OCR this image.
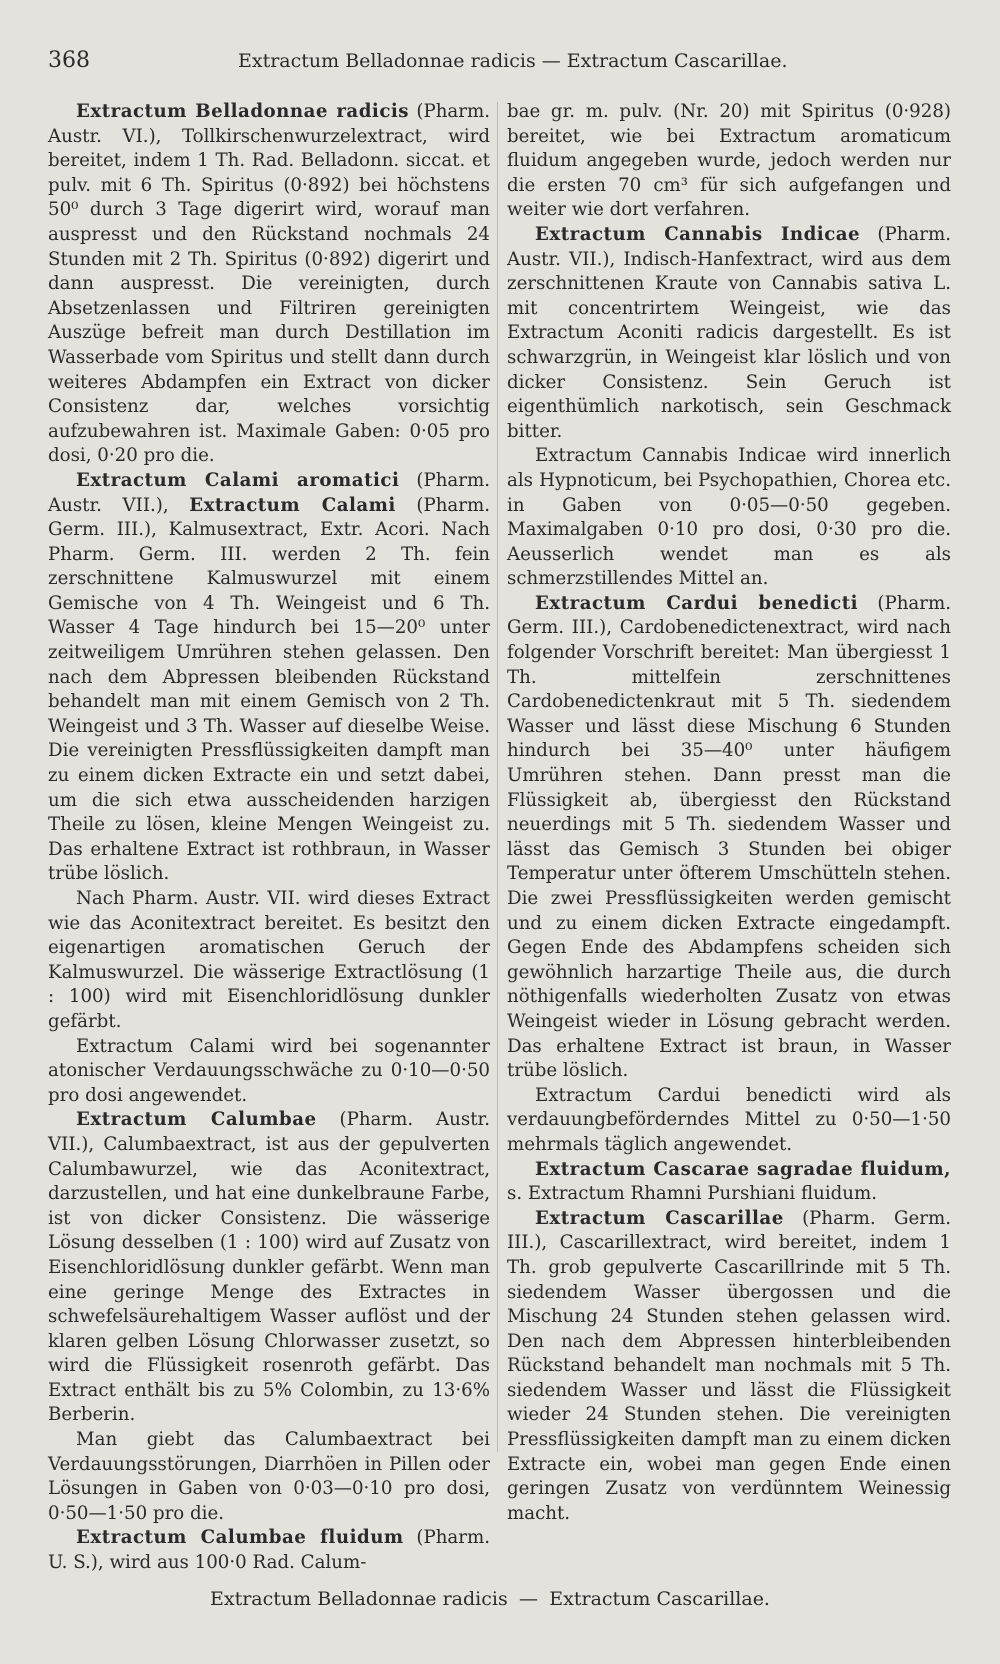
368	Extractum Belladonnae radicis — Extractum Cascarillae.

Extractum Belladonnae radicis (Pharm. Austr. VI.), Tollkirschenwurzelextract, wird bereitet, indem 1 Th. Rad. Belladonn. siccat. et pulv. mit 6 Th. Spiritus (0·892) bei höchstens 50⁰ durch 3 Tage digerirt wird, worauf man auspresst und den Rückstand nochmals 24 Stunden mit 2 Th. Spiritus (0·892) digerirt und dann auspresst. Die vereinigten, durch Absetzenlassen und Filtriren gereinigten Auszüge befreit man durch Destillation im Wasserbade vom Spiritus und stellt dann durch weiteres Abdampfen ein Extract von dicker Consistenz dar, welches vorsichtig aufzubewahren ist. Maximale Gaben: 0·05 pro dosi, 0·20 pro die.

Extractum Calami aromatici (Pharm. Austr. VII.), Extractum Calami (Pharm. Germ. III.), Kalmusextract, Extr. Acori. Nach Pharm. Germ. III. werden 2 Th. fein zerschnittene Kalmuswurzel mit einem Gemische von 4 Th. Weingeist und 6 Th. Wasser 4 Tage hindurch bei 15—20⁰ unter zeitweiligem Umrühren stehen gelassen. Den nach dem Abpressen bleibenden Rückstand behandelt man mit einem Gemisch von 2 Th. Weingeist und 3 Th. Wasser auf dieselbe Weise. Die vereinigten Pressflüssigkeiten dampft man zu einem dicken Extracte ein und setzt dabei, um die sich etwa ausscheidenden harzigen Theile zu lösen, kleine Mengen Weingeist zu. Das erhaltene Extract ist rothbraun, in Wasser trübe löslich.

Nach Pharm. Austr. VII. wird dieses Extract wie das Aconitextract bereitet. Es besitzt den eigenartigen aromatischen Geruch der Kalmuswurzel. Die wässerige Extractlösung (1 : 100) wird mit Eisenchloridlösung dunkler gefärbt.

Extractum Calami wird bei sogenannter atonischer Verdauungsschwäche zu 0·10—0·50 pro dosi angewendet.

Extractum Calumbae (Pharm. Austr. VII.), Calumbaextract, ist aus der gepulverten Calumbawurzel, wie das Aconitextract, darzustellen, und hat eine dunkelbraune Farbe, ist von dicker Consistenz. Die wässerige Lösung desselben (1 : 100) wird auf Zusatz von Eisenchloridlösung dunkler gefärbt. Wenn man eine geringe Menge des Extractes in schwefelsäurehaltigem Wasser auflöst und der klaren gelben Lösung Chlorwasser zusetzt, so wird die Flüssigkeit rosenroth gefärbt. Das Extract enthält bis zu 5% Colombin, zu 13·6% Berberin.

Man giebt das Calumbaextract bei Verdauungsstörungen, Diarrhöen in Pillen oder Lösungen in Gaben von 0·03—0·10 pro dosi, 0·50—1·50 pro die.

Extractum Calumbae fluidum (Pharm. U. S.), wird aus 100·0 Rad. Calum-

bae gr. m. pulv. (Nr. 20) mit Spiritus (0·928) bereitet, wie bei Extractum aromaticum fluidum angegeben wurde, jedoch werden nur die ersten 70 cm³ für sich aufgefangen und weiter wie dort verfahren.

Extractum Cannabis Indicae (Pharm. Austr. VII.), Indisch-Hanfextract, wird aus dem zerschnittenen Kraute von Cannabis sativa L. mit concentrirtem Weingeist, wie das Extractum Aconiti radicis dargestellt. Es ist schwarzgrün, in Weingeist klar löslich und von dicker Consistenz. Sein Geruch ist eigenthümlich narkotisch, sein Geschmack bitter.

Extractum Cannabis Indicae wird innerlich als Hypnoticum, bei Psychopathien, Chorea etc. in Gaben von 0·05—0·50 gegeben. Maximalgaben 0·10 pro dosi, 0·30 pro die. Aeusserlich wendet man es als schmerzstillendes Mittel an.

Extractum Cardui benedicti (Pharm. Germ. III.), Cardobenedictenextract, wird nach folgender Vorschrift bereitet: Man übergiesst 1 Th. mittelfein zerschnittenes Cardobenedictenkraut mit 5 Th. siedendem Wasser und lässt diese Mischung 6 Stunden hindurch bei 35—40⁰ unter häufigem Umrühren stehen. Dann presst man die Flüssigkeit ab, übergiesst den Rückstand neuerdings mit 5 Th. siedendem Wasser und lässt das Gemisch 3 Stunden bei obiger Temperatur unter öfterem Umschütteln stehen. Die zwei Pressflüssigkeiten werden gemischt und zu einem dicken Extracte eingedampft. Gegen Ende des Abdampfens scheiden sich gewöhnlich harzartige Theile aus, die durch nöthigenfalls wiederholten Zusatz von etwas Weingeist wieder in Lösung gebracht werden. Das erhaltene Extract ist braun, in Wasser trübe löslich.

Extractum Cardui benedicti wird als verdauungbeförderndes Mittel zu 0·50—1·50 mehrmals täglich angewendet.

Extractum Cascarae sagradae fluidum, s. Extractum Rhamni Purshiani fluidum.

Extractum Cascarillae (Pharm. Germ. III.), Cascarillextract, wird bereitet, indem 1 Th. grob gepulverte Cascarillrinde mit 5 Th. siedendem Wasser übergossen und die Mischung 24 Stunden stehen gelassen wird. Den nach dem Abpressen hinterbleibenden Rückstand behandelt man nochmals mit 5 Th. siedendem Wasser und lässt die Flüssigkeit wieder 24 Stunden stehen. Die vereinigten Pressflüssigkeiten dampft man zu einem dicken Extracte ein, wobei man gegen Ende einen geringen Zusatz von verdünntem Weinessig macht.

Extractum Belladonnae radicis — Extractum Cascarillae.
